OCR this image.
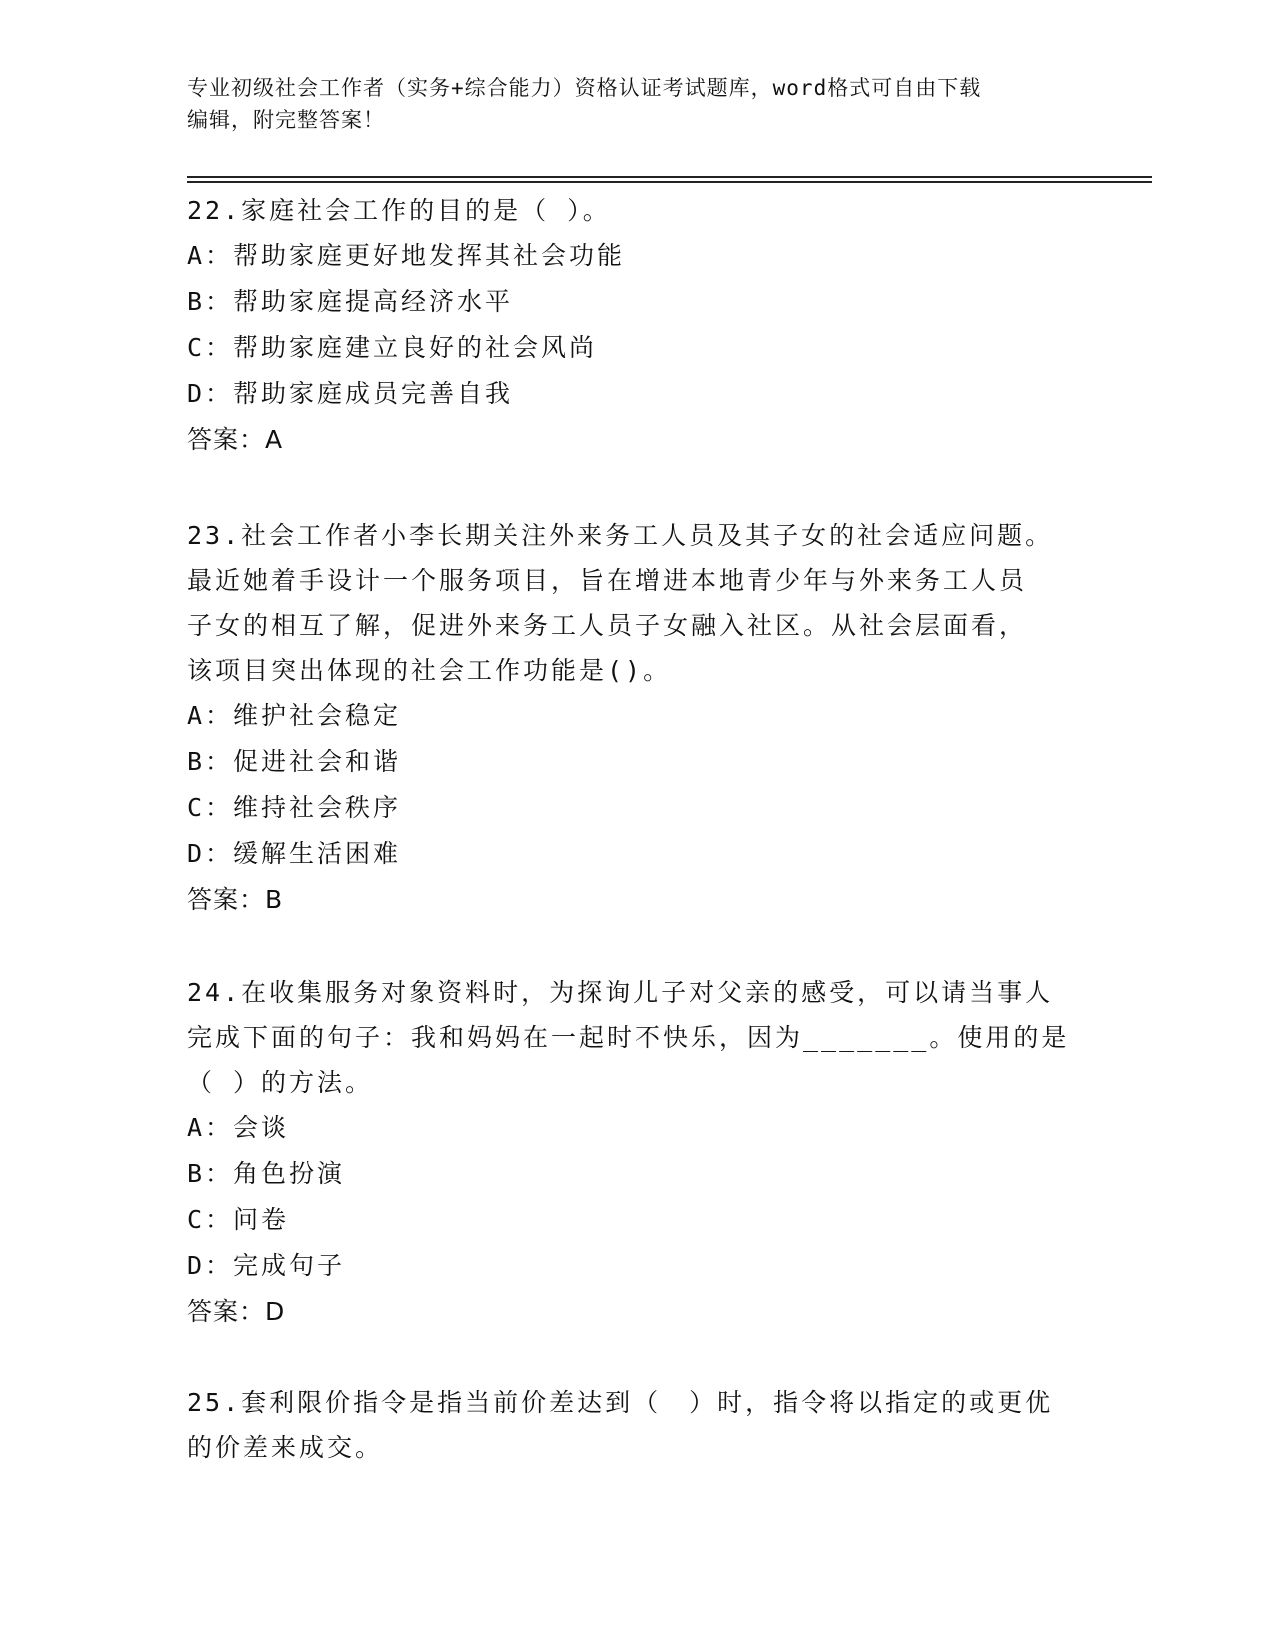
专业初级社会工作者（实务+综合能力）资格认证考试题库，word格式可自由下载
编辑，附完整答案！
22.家庭社会工作的目的是（ ）。
A：帮助家庭更好地发挥其社会功能
B：帮助家庭提高经济水平
C：帮助家庭建立良好的社会风尚
D：帮助家庭成员完善自我
答案：A
23.社会工作者小李长期关注外来务工人员及其子女的社会适应问题。
最近她着手设计一个服务项目，旨在增进本地青少年与外来务工人员
子女的相互了解，促进外来务工人员子女融入社区。从社会层面看，
该项目突出体现的社会工作功能是()。
A：维护社会稳定
B：促进社会和谐
C：维持社会秩序
D：缓解生活困难
答案：B
24.在收集服务对象资料时，为探询儿子对父亲的感受，可以请当事人
完成下面的句子：我和妈妈在一起时不快乐，因为_______。使用的是
（ ）的方法。
A：会谈
B：角色扮演
C：问卷
D：完成句子
答案：D
25.套利限价指令是指当前价差达到（　）时，指令将以指定的或更优
的价差来成交。
